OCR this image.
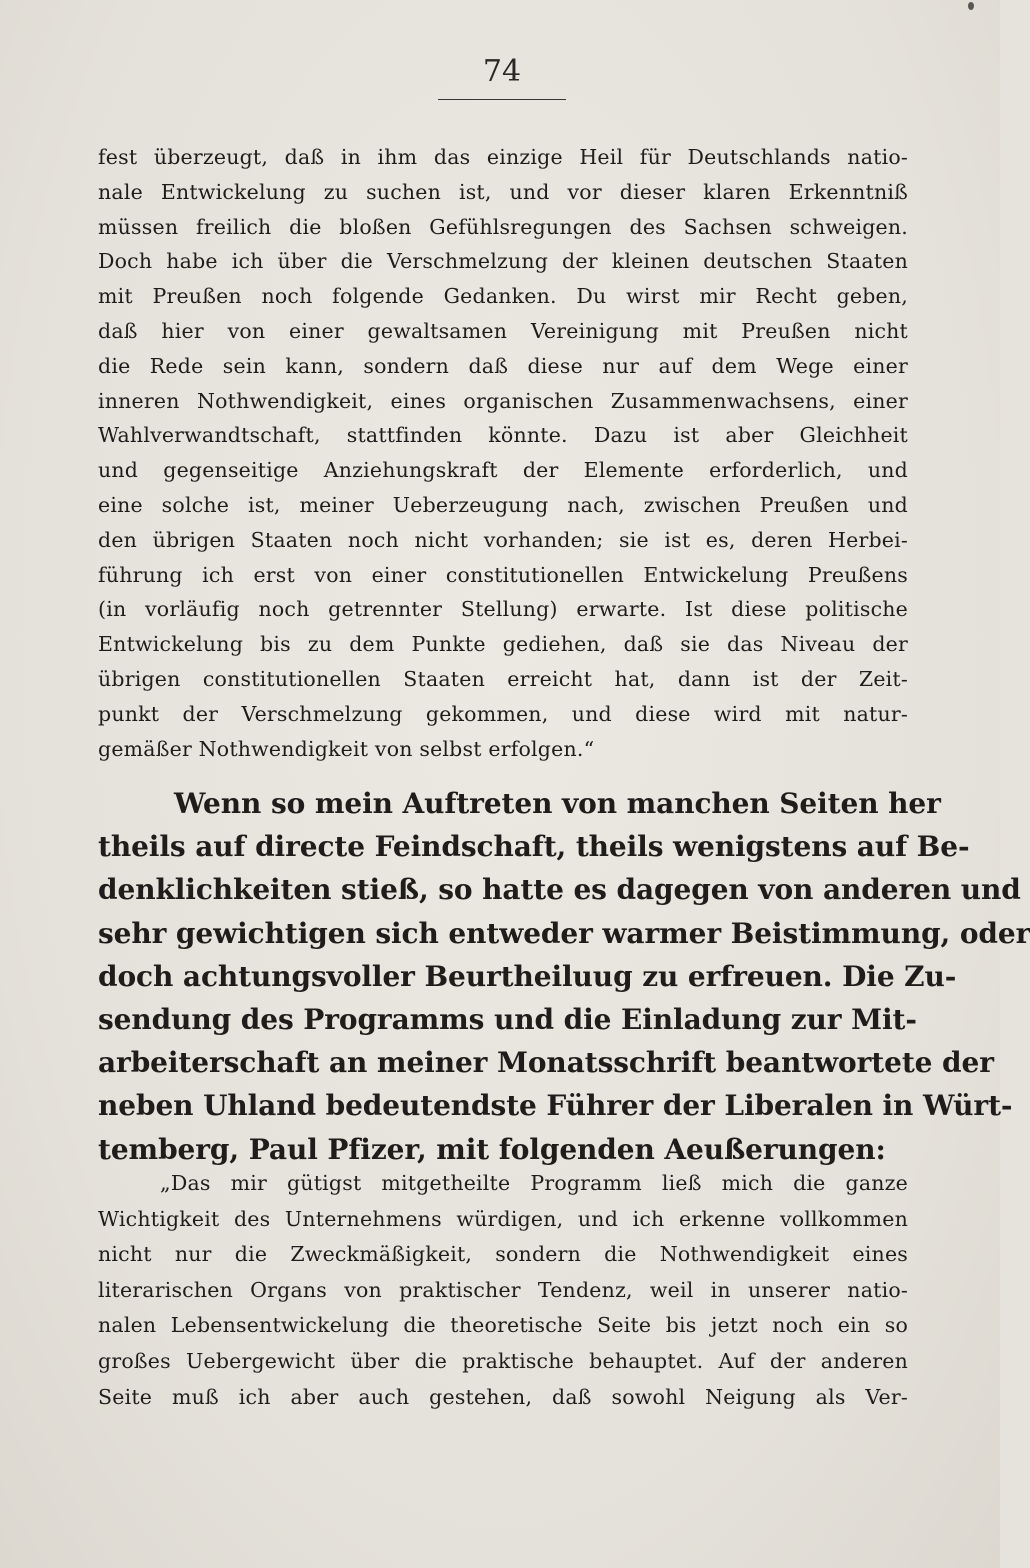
74
fest überzeugt, daß in ihm das einzige Heil für Deutschlands natio-
nale Entwickelung zu suchen ist, und vor dieser klaren Erkenntniß
müssen freilich die bloßen Gefühlsregungen des Sachsen schweigen.
Doch habe ich über die Verschmelzung der kleinen deutschen Staaten
mit Preußen noch folgende Gedanken. Du wirst mir Recht geben,
daß hier von einer gewaltsamen Vereinigung mit Preußen nicht
die Rede sein kann, sondern daß diese nur auf dem Wege einer
inneren Nothwendigkeit, eines organischen Zusammenwachsens, einer
Wahlverwandtschaft, stattfinden könnte. Dazu ist aber Gleichheit
und gegenseitige Anziehungskraft der Elemente erforderlich, und
eine solche ist, meiner Ueberzeugung nach, zwischen Preußen und
den übrigen Staaten noch nicht vorhanden; sie ist es, deren Herbei-
führung ich erst von einer constitutionellen Entwickelung Preußens
(in vorläufig noch getrennter Stellung) erwarte. Ist diese politische
Entwickelung bis zu dem Punkte gediehen, daß sie das Niveau der
übrigen constitutionellen Staaten erreicht hat, dann ist der Zeit-
punkt der Verschmelzung gekommen, und diese wird mit natur-
gemäßer Nothwendigkeit von selbst erfolgen.“
Wenn so mein Auftreten von manchen Seiten her
theils auf directe Feindschaft, theils wenigstens auf Be-
denklichkeiten stieß, so hatte es dagegen von anderen und
sehr gewichtigen sich entweder warmer Beistimmung, oder
doch achtungsvoller Beurtheiluug zu erfreuen. Die Zu-
sendung des Programms und die Einladung zur Mit-
arbeiterschaft an meiner Monatsschrift beantwortete der
neben Uhland bedeutendste Führer der Liberalen in Würt-
temberg, Paul Pfizer, mit folgenden Aeußerungen:
„Das mir gütigst mitgetheilte Programm ließ mich die ganze
Wichtigkeit des Unternehmens würdigen, und ich erkenne vollkommen
nicht nur die Zweckmäßigkeit, sondern die Nothwendigkeit eines
literarischen Organs von praktischer Tendenz, weil in unserer natio-
nalen Lebensentwickelung die theoretische Seite bis jetzt noch ein so
großes Uebergewicht über die praktische behauptet. Auf der anderen
Seite muß ich aber auch gestehen, daß sowohl Neigung als Ver-
